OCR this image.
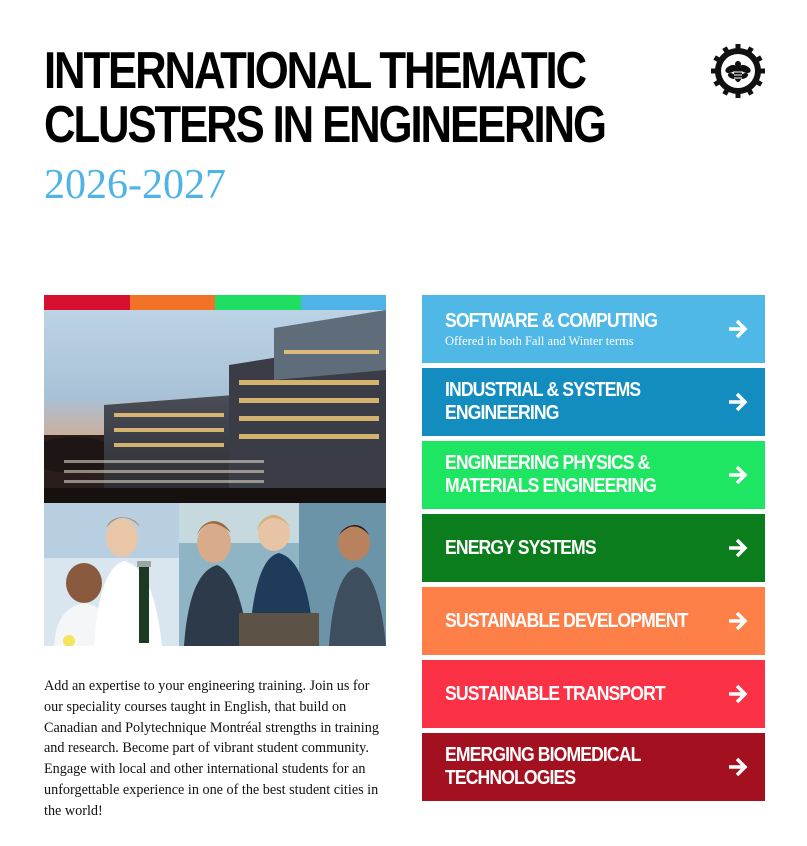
INTERNATIONAL THEMATIC
CLUSTERS IN ENGINEERING
2026-2027

Add an expertise to your engineering training. Join us for our speciality courses taught in English, that build on Canadian and Polytechnique Montréal strengths in training and research. Become part of vibrant student community. Engage with local and other international students for an unforgettable experience in one of the best student cities in the world!

SOFTWARE & COMPUTING
Offered in both Fall and Winter terms
INDUSTRIAL & SYSTEMS ENGINEERING
ENGINEERING PHYSICS & MATERIALS ENGINEERING
ENERGY SYSTEMS
SUSTAINABLE DEVELOPMENT
SUSTAINABLE TRANSPORT
EMERGING BIOMEDICAL TECHNOLOGIES
